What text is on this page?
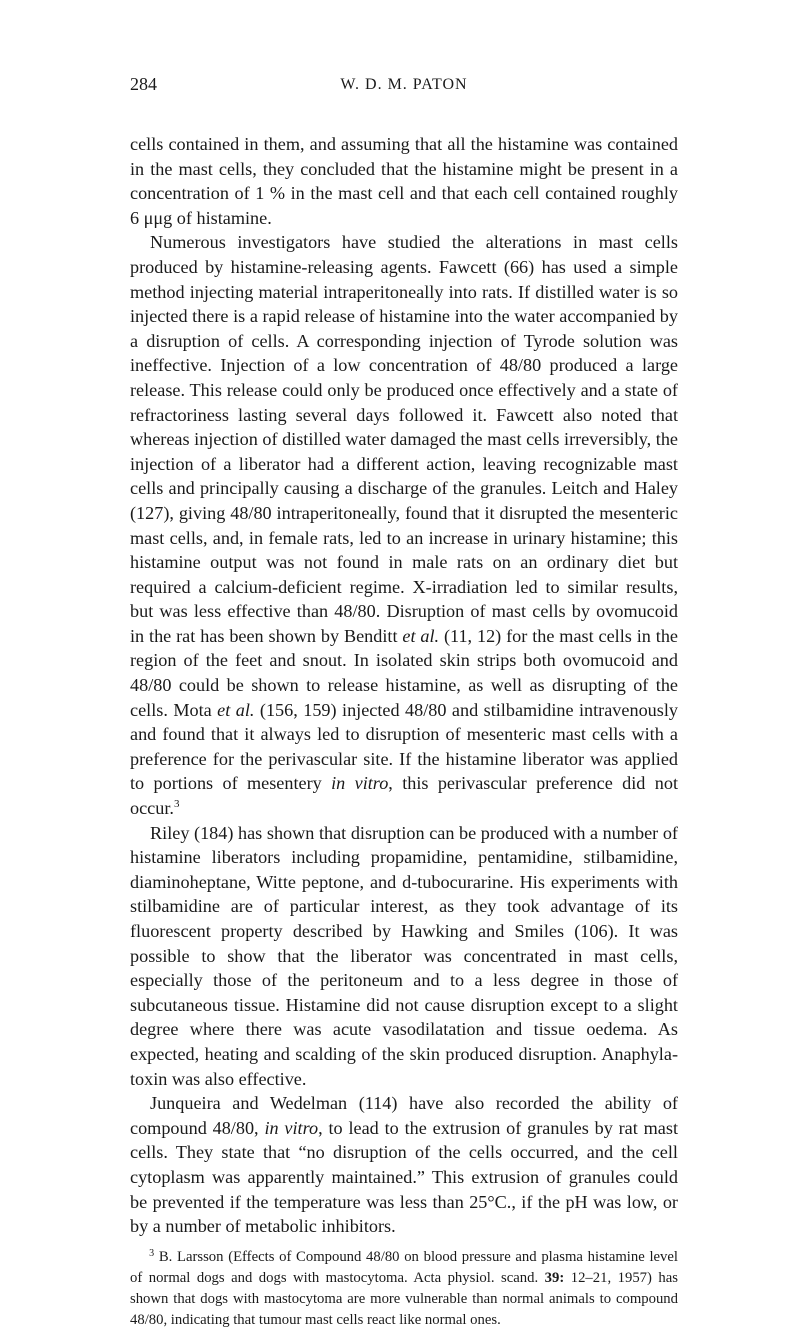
284	W. D. M. PATON

cells contained in them, and assuming that all the histamine was contained in the mast cells, they concluded that the histamine might be present in a concentration of 1 % in the mast cell and that each cell contained roughly 6 μμg of histamine.

Numerous investigators have studied the alterations in mast cells produced by histamine-releasing agents. Fawcett (66) has used a simple method injecting material intraperitoneally into rats. If distilled water is so injected there is a rapid release of histamine into the water accompanied by a disruption of cells. A corresponding injection of Tyrode solution was ineffective. Injection of a low concentration of 48/80 produced a large release. This release could only be produced once effectively and a state of refractoriness lasting several days followed it. Fawcett also noted that whereas injection of distilled water damaged the mast cells irreversibly, the injection of a liberator had a different action, leaving recognizable mast cells and principally causing a discharge of the granules. Leitch and Haley (127), giving 48/80 intraperitoneally, found that it disrupted the mesenteric mast cells, and, in female rats, led to an increase in urinary histamine; this histamine output was not found in male rats on an ordinary diet but required a calcium-deficient regime. X-irradiation led to similar results, but was less effective than 48/80. Disruption of mast cells by ovomucoid in the rat has been shown by Benditt et al. (11, 12) for the mast cells in the region of the feet and snout. In isolated skin strips both ovomucoid and 48/80 could be shown to release histamine, as well as disrupting of the cells. Mota et al. (156, 159) injected 48/80 and stilbamidine intravenously and found that it always led to disruption of mesenteric mast cells with a preference for the perivascular site. If the histamine liberator was applied to portions of mesentery in vitro, this perivascular preference did not occur.$^3$

Riley (184) has shown that disruption can be produced with a number of histamine liberators including propamidine, pentamidine, stilbamidine, diaminoheptane, Witte peptone, and d-tubocurarine. His experiments with stilbamidine are of particular interest, as they took advantage of its fluorescent property described by Hawking and Smiles (106). It was possible to show that the liberator was concentrated in mast cells, especially those of the peritoneum and to a less degree in those of subcutaneous tissue. Histamine did not cause disruption except to a slight degree where there was acute vasodilatation and tissue oedema. As expected, heating and scalding of the skin produced disruption. Anaphylatoxin was also effective.

Junqueira and Wedelman (114) have also recorded the ability of compound 48/80, in vitro, to lead to the extrusion of granules by rat mast cells. They state that “no disruption of the cells occurred, and the cell cytoplasm was apparently maintained.” This extrusion of granules could be prevented if the temperature was less than 25°C., if the pH was low, or by a number of metabolic inhibitors.

$^3$ B. Larsson (Effects of Compound 48/80 on blood pressure and plasma histamine level of normal dogs and dogs with mastocytoma. Acta physiol. scand. 39: 12–21, 1957) has shown that dogs with mastocytoma are more vulnerable than normal animals to compound 48/80, indicating that tumour mast cells react like normal ones.
